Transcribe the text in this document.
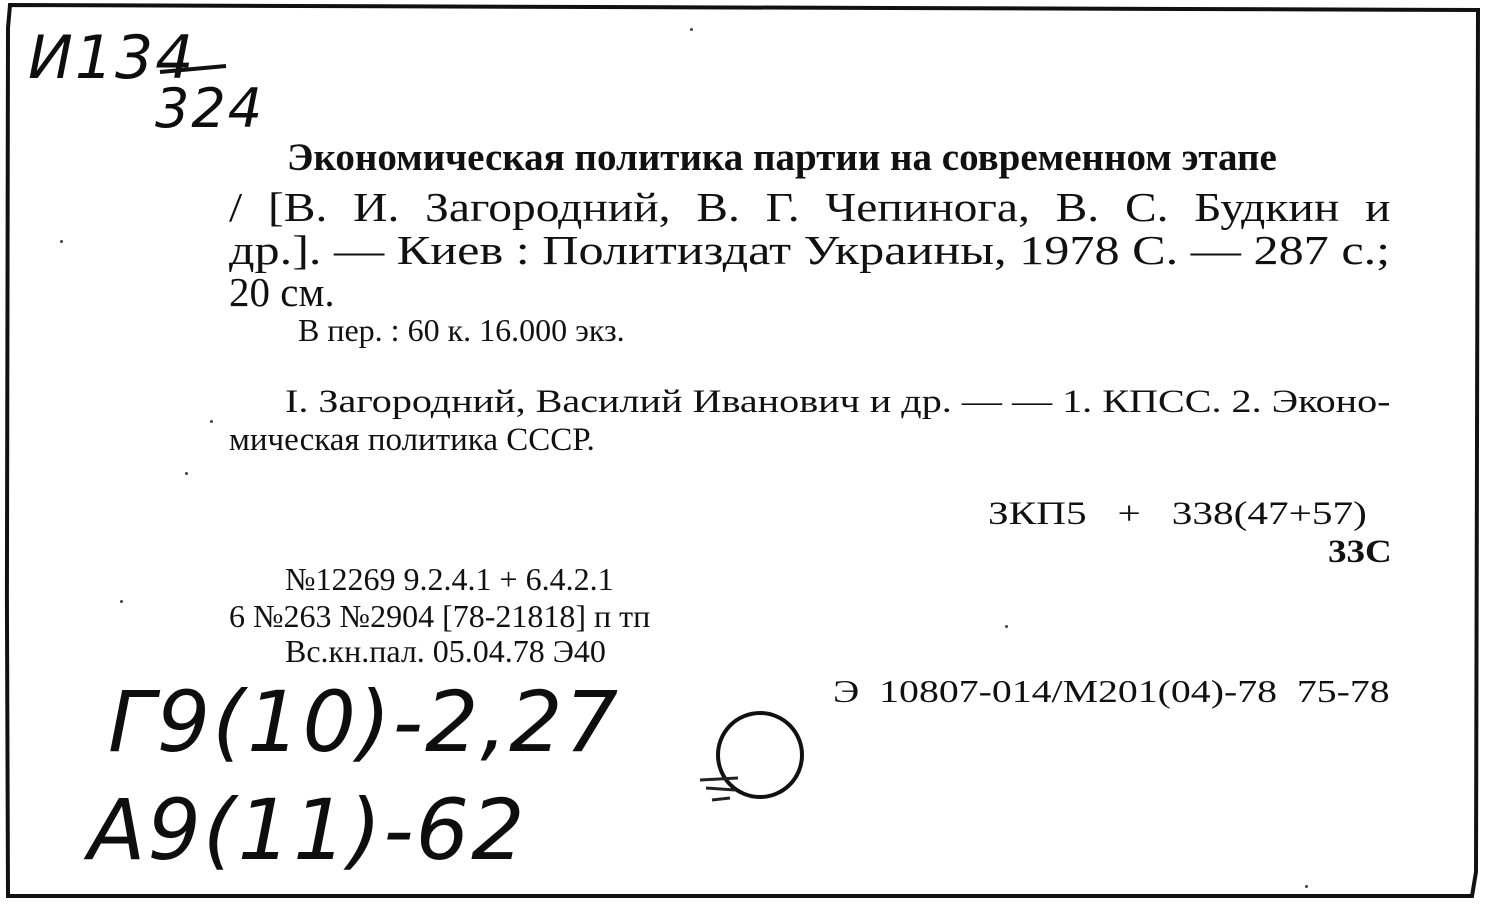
И134
324
Экономическая политика партии на современном этапе
/ [В. И. Загородний, В. Г. Чепинога, В. С. Будкин и
др.]. — Киев : Политиздат Украины, 1978 С. — 287 с.;
20 см.
В пер. : 60 к. 16.000 экз.
I. Загородний, Василий Иванович и др. — — 1. КПСС. 2. Эконо-
мическая политика СССР.
ЗКП5   +   338(47+57)
33С
№12269 9.2.4.1 + 6.4.2.1
6 №263 №2904 [78-21818] п тп
Вс.кн.пал. 05.04.78 Э40
Э  10807-014/М201(04)-78  75-78
Г9(10)-2,27
А9(11)-62
